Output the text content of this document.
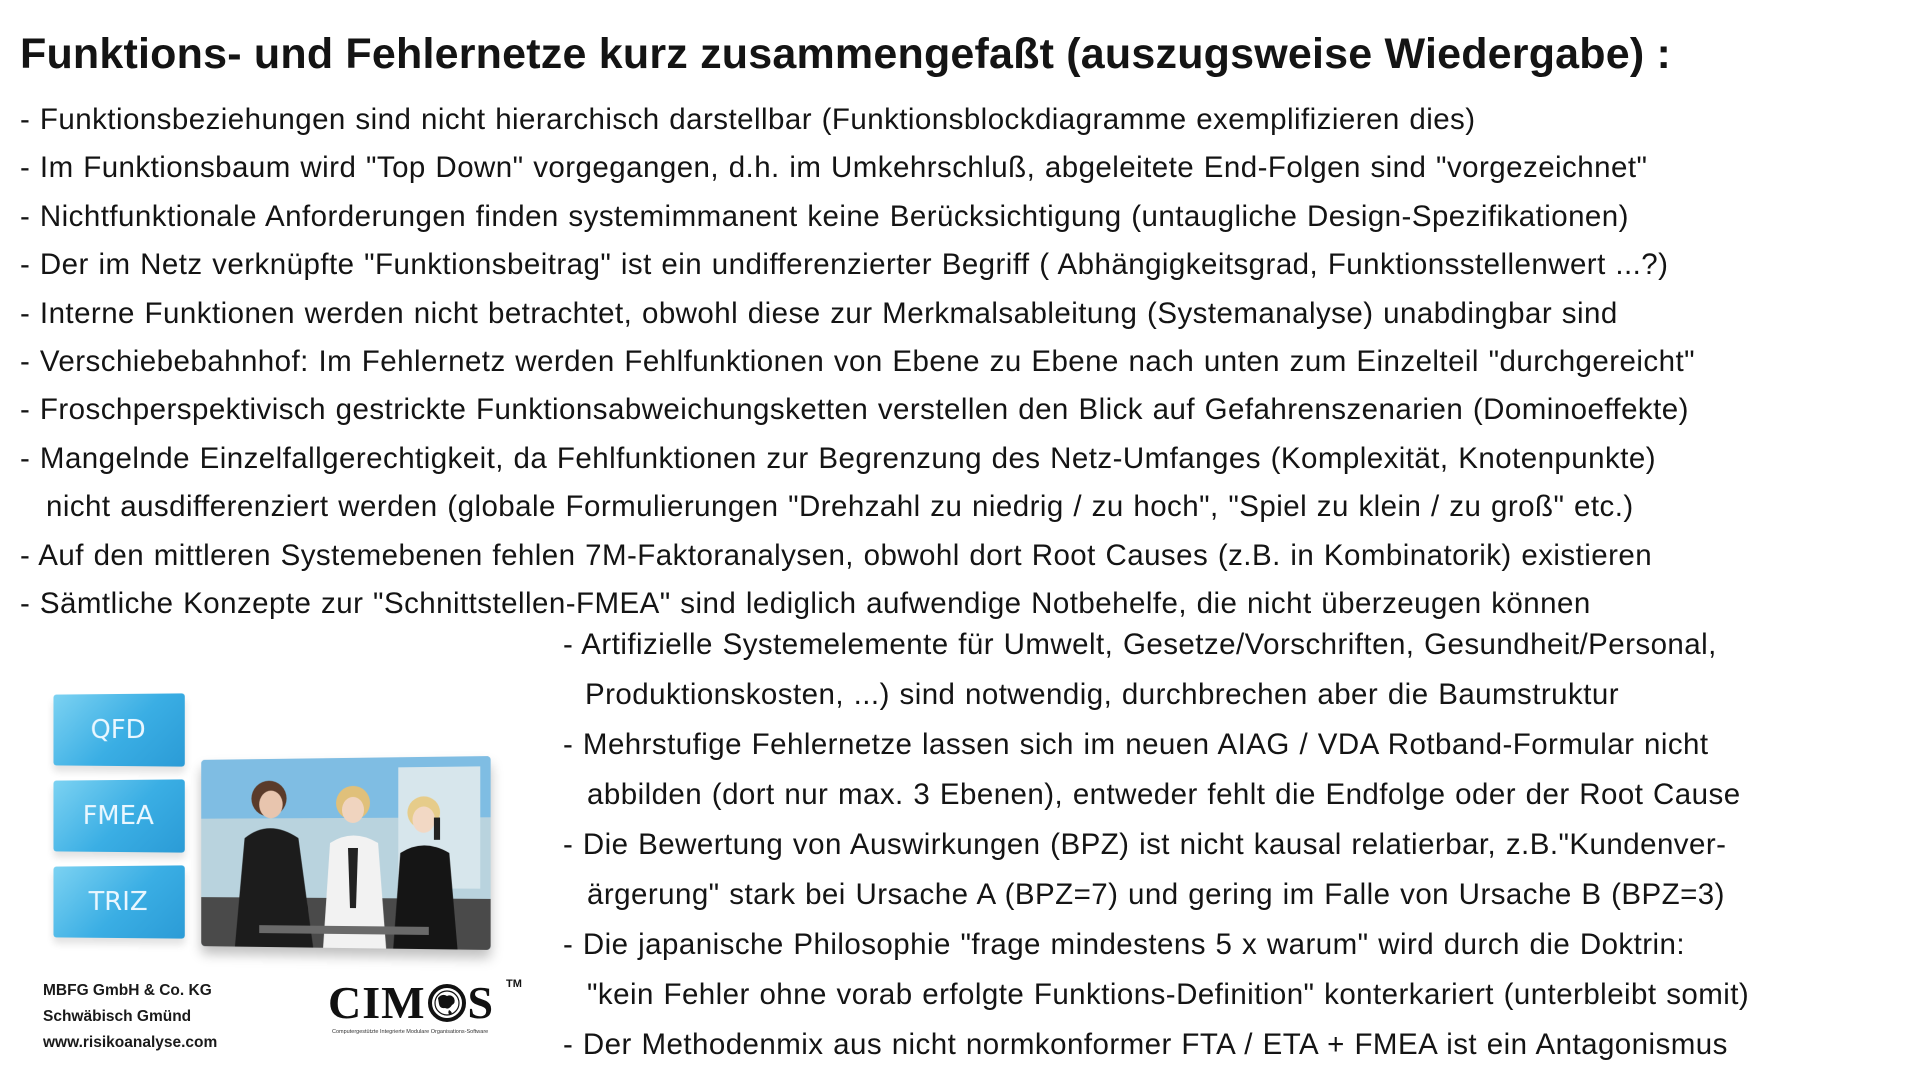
Funktions- und Fehlernetze kurz zusammengefaßt (auszugsweise Wiedergabe) :
- Funktionsbeziehungen sind nicht hierarchisch darstellbar (Funktionsblockdiagramme exemplifizieren dies)
- Im Funktionsbaum wird "Top Down" vorgegangen, d.h. im Umkehrschluß, abgeleitete End-Folgen sind "vorgezeichnet"
- Nichtfunktionale Anforderungen finden systemimmanent keine Berücksichtigung (untaugliche Design-Spezifikationen)
- Der im Netz verknüpfte "Funktionsbeitrag" ist ein undifferenzierter Begriff ( Abhängigkeitsgrad, Funktionsstellenwert ...?)
- Interne Funktionen werden nicht betrachtet, obwohl diese zur Merkmalsableitung (Systemanalyse) unabdingbar sind
- Verschiebebahnhof: Im Fehlernetz werden Fehlfunktionen von Ebene zu Ebene nach unten zum Einzelteil "durchgereicht"
- Froschperspektivisch gestrickte Funktionsabweichungsketten verstellen den Blick auf Gefahrenszenarien (Dominoeffekte)
- Mangelnde Einzelfallgerechtigkeit, da Fehlfunktionen zur Begrenzung des Netz-Umfanges (Komplexität, Knotenpunkte)
nicht ausdifferenziert werden (globale Formulierungen "Drehzahl zu niedrig / zu hoch", "Spiel zu klein / zu groß" etc.)
- Auf den mittleren Systemebenen fehlen 7M-Faktoranalysen, obwohl dort Root Causes (z.B. in Kombinatorik) existieren
- Sämtliche Konzepte zur "Schnittstellen-FMEA" sind lediglich aufwendige Notbehelfe, die nicht überzeugen können
- Artifizielle Systemelemente für Umwelt, Gesetze/Vorschriften, Gesundheit/Personal,
Produktionskosten, ...) sind notwendig, durchbrechen aber die Baumstruktur
- Mehrstufige Fehlernetze lassen sich im neuen AIAG / VDA Rotband-Formular nicht
abbilden (dort nur max. 3 Ebenen), entweder fehlt die Endfolge oder der Root Cause
- Die Bewertung von Auswirkungen (BPZ) ist nicht kausal relatierbar, z.B."Kundenver-
ärgerung" stark bei Ursache A (BPZ=7) und gering im Falle von Ursache B (BPZ=3)
- Die japanische Philosophie "frage mindestens 5 x warum" wird durch die Doktrin:
"kein Fehler ohne vorab erfolgte Funktions-Definition" konterkariert (unterbleibt somit)
- Der Methodenmix aus nicht normkonformer FTA / ETA + FMEA ist ein Antagonismus
QFD
FMEA
TRIZ
MBFG GmbH & Co. KG
Schwäbisch Gmünd
www.risikoanalyse.com
CIM S TM
Computergestützte Integrierte Modulare Organisations-Software
